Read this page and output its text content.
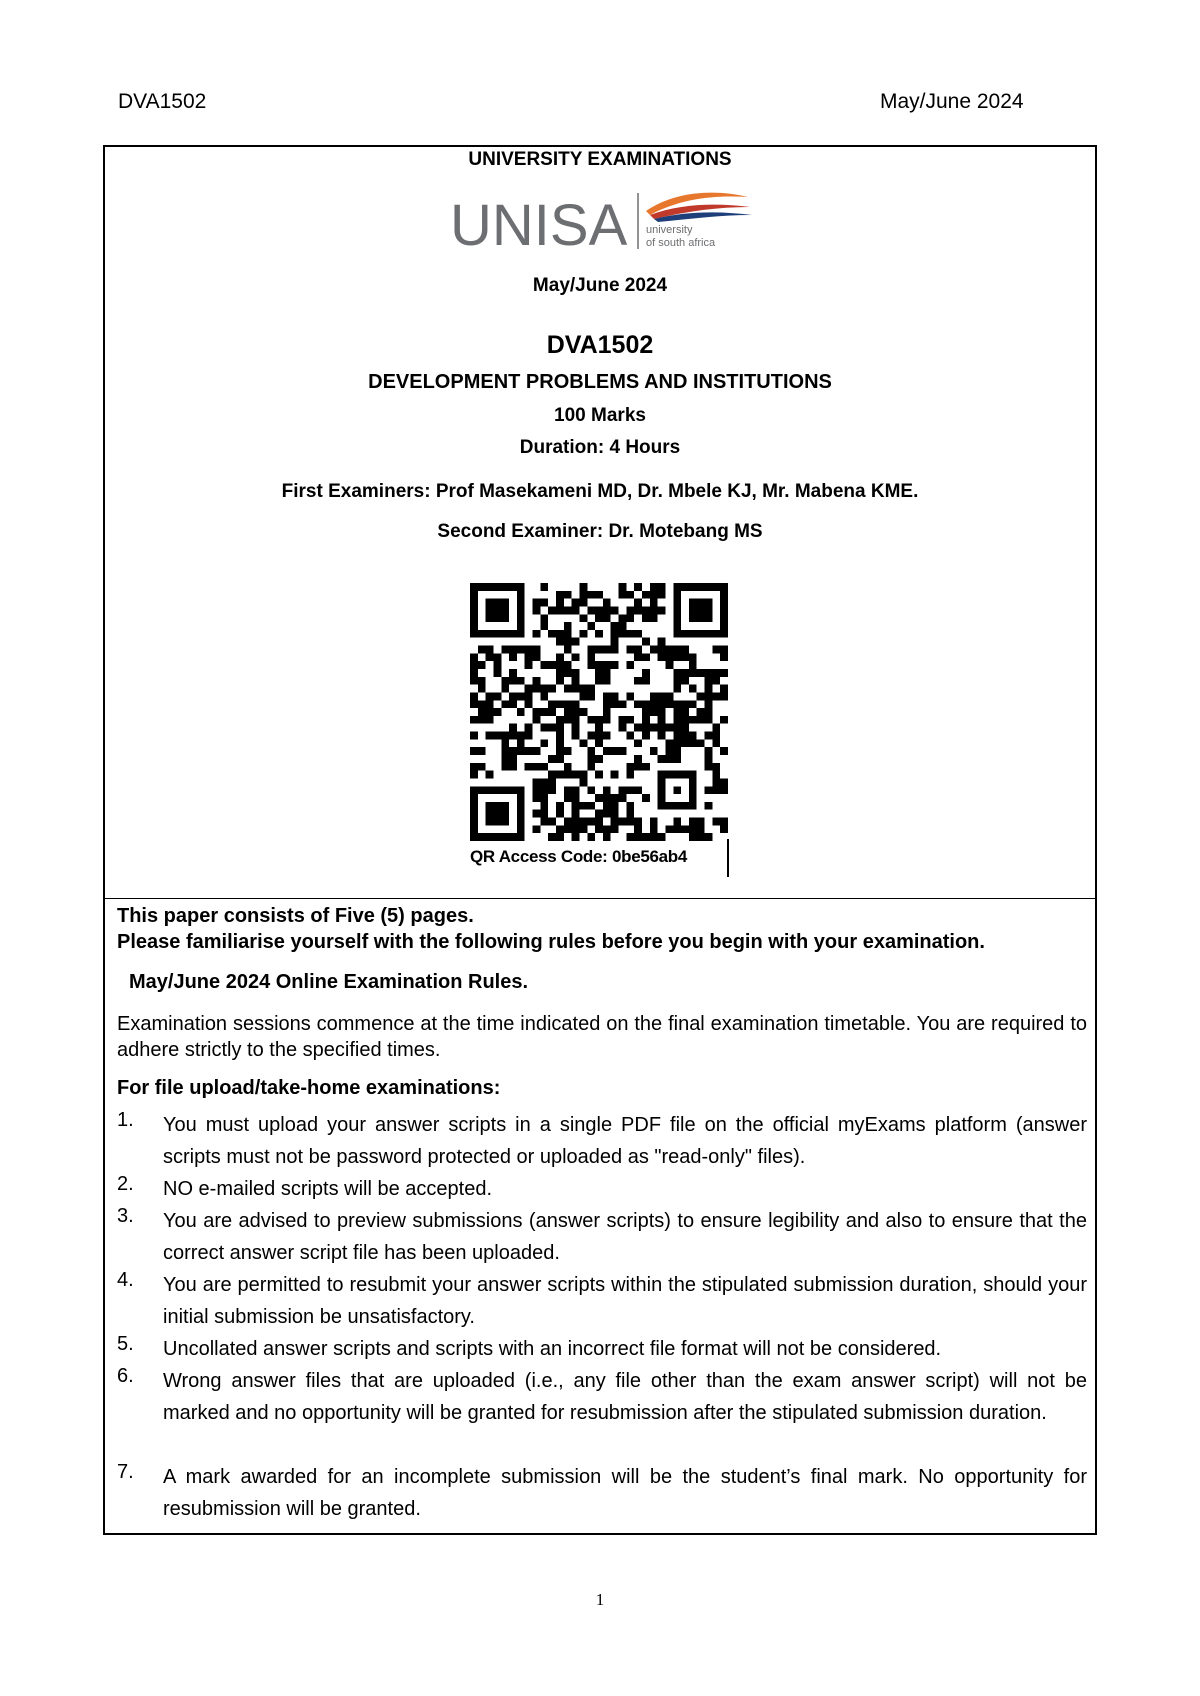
DVA1502	May/June 2024
UNIVERSITY EXAMINATIONS
UNISA university
of south africa
May/June 2024
DVA1502
DEVELOPMENT PROBLEMS AND INSTITUTIONS
100 Marks
Duration: 4 Hours
First Examiners: Prof Masekameni MD, Dr. Mbele KJ, Mr. Mabena KME.
Second Examiner: Dr. Motebang MS
QR Access Code: 0be56ab4
This paper consists of Five (5) pages.
Please familiarise yourself with the following rules before you begin with your examination.
May/June 2024 Online Examination Rules.
Examination sessions commence at the time indicated on the final examination timetable. You are required to adhere strictly to the specified times.
For file upload/take-home examinations:
1. You must upload your answer scripts in a single PDF file on the official myExams platform (answer scripts must not be password protected or uploaded as "read-only" files).
2. NO e-mailed scripts will be accepted.
3. You are advised to preview submissions (answer scripts) to ensure legibility and also to ensure that the correct answer script file has been uploaded.
4. You are permitted to resubmit your answer scripts within the stipulated submission duration, should your initial submission be unsatisfactory.
5. Uncollated answer scripts and scripts with an incorrect file format will not be considered.
6. Wrong answer files that are uploaded (i.e., any file other than the exam answer script) will not be marked and no opportunity will be granted for resubmission after the stipulated submission duration.
7. A mark awarded for an incomplete submission will be the student’s final mark. No opportunity for resubmission will be granted.
1
